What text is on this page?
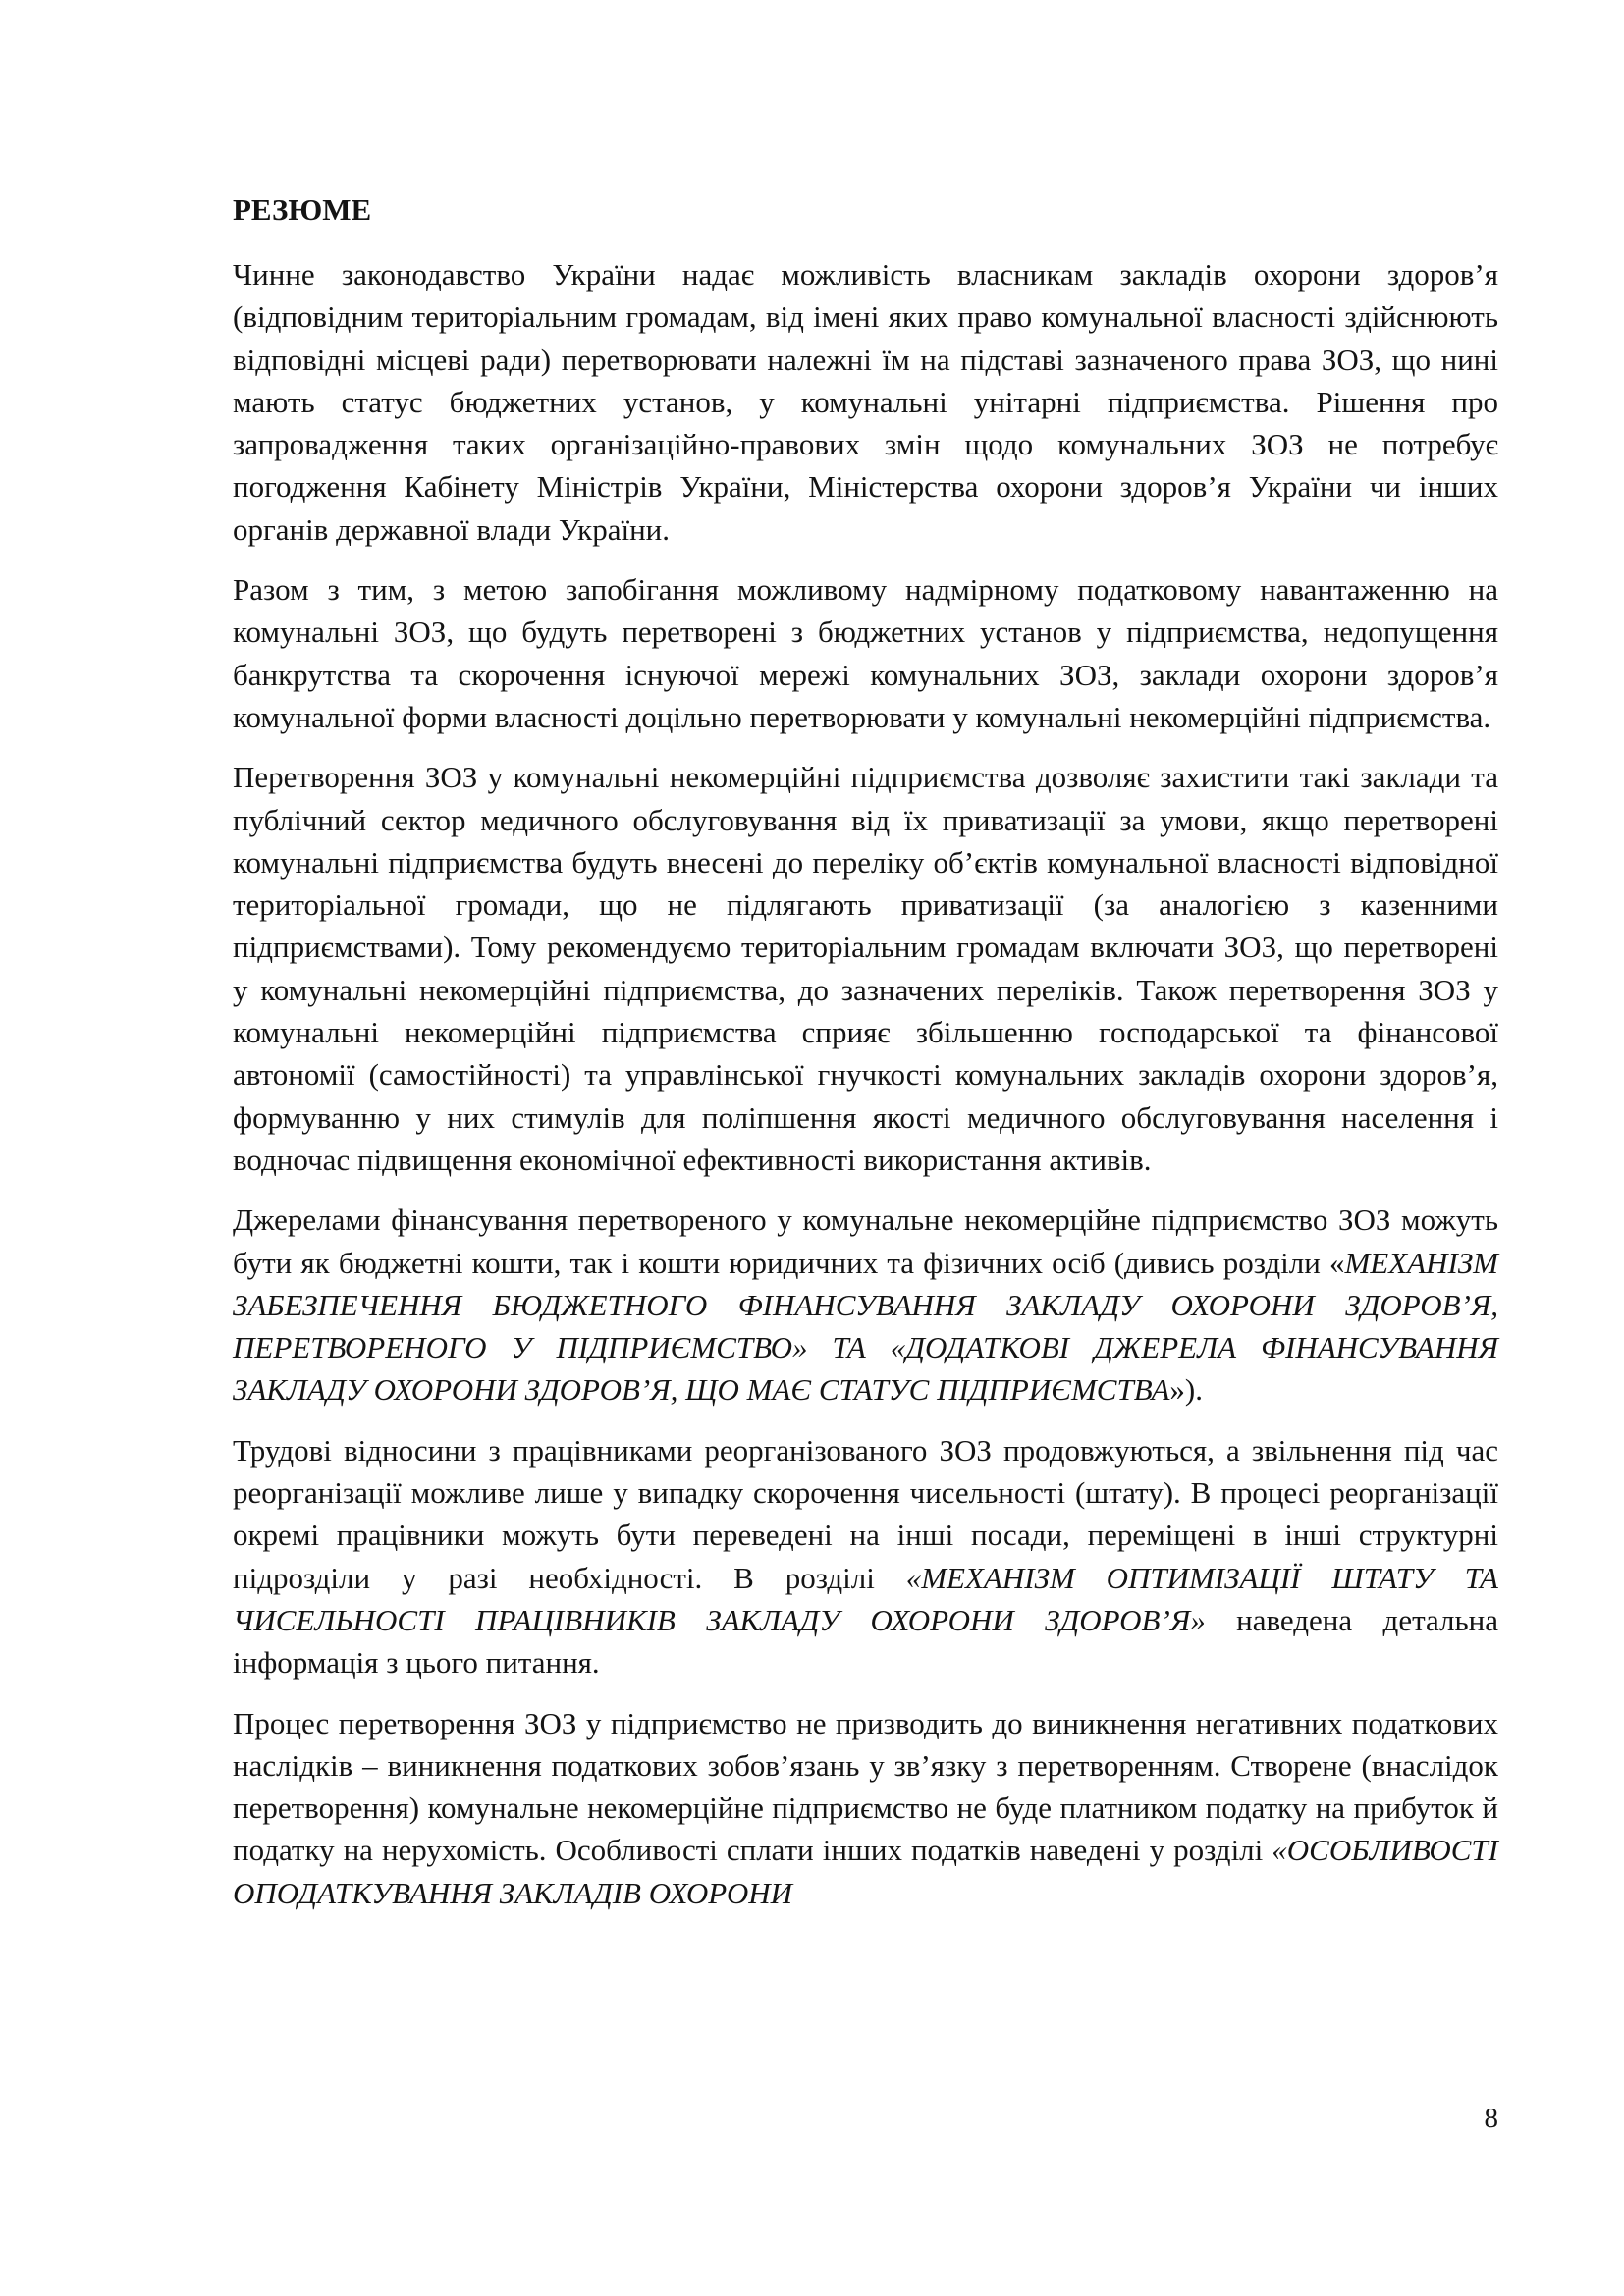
РЕЗЮМЕ

Чинне законодавство України надає можливість власникам закладів охорони здоров’я (відповідним територіальним громадам, від імені яких право комунальної власності здійснюють відповідні місцеві ради) перетворювати належні їм на підставі зазначеного права ЗОЗ, що нині мають статус бюджетних установ, у комунальні унітарні підприємства. Рішення про запровадження таких організаційно-правових змін щодо комунальних ЗОЗ не потребує погодження Кабінету Міністрів України, Міністерства охорони здоров’я України чи інших органів державної влади України.

Разом з тим, з метою запобігання можливому надмірному податковому навантаженню на комунальні ЗОЗ, що будуть перетворені з бюджетних установ у підприємства, недопущення банкрутства та скорочення існуючої мережі комунальних ЗОЗ, заклади охорони здоров’я комунальної форми власності доцільно перетворювати у комунальні некомерційні підприємства.

Перетворення ЗОЗ у комунальні некомерційні підприємства дозволяє захистити такі заклади та публічний сектор медичного обслуговування від їх приватизації за умови, якщо перетворені комунальні підприємства будуть внесені до переліку об’єктів комунальної власності відповідної територіальної громади, що не підлягають приватизації (за аналогією з казенними підприємствами). Тому рекомендуємо територіальним громадам включати ЗОЗ, що перетворені у комунальні некомерційні підприємства, до зазначених переліків. Також перетворення ЗОЗ у комунальні некомерційні підприємства сприяє збільшенню господарської та фінансової автономії (самостійності) та управлінської гнучкості комунальних закладів охорони здоров’я, формуванню у них стимулів для поліпшення якості медичного обслуговування населення і водночас підвищення економічної ефективності використання активів.

Джерелами фінансування перетвореного у комунальне некомерційне підприємство ЗОЗ можуть бути як бюджетні кошти, так і кошти юридичних та фізичних осіб (дивись розділи «МЕХАНІЗМ ЗАБЕЗПЕЧЕННЯ БЮДЖЕТНОГО ФІНАНСУВАННЯ ЗАКЛАДУ ОХОРОНИ ЗДОРОВ’Я, ПЕРЕТВОРЕНОГО У ПІДПРИЄМСТВО» ТА «ДОДАТКОВІ ДЖЕРЕЛА ФІНАНСУВАННЯ ЗАКЛАДУ ОХОРОНИ ЗДОРОВ’Я, ЩО МАЄ СТАТУС ПІДПРИЄМСТВА»).

Трудові відносини з працівниками реорганізованого ЗОЗ продовжуються, а звільнення під час реорганізації можливе лише у випадку скорочення чисельності (штату). В процесі реорганізації окремі працівники можуть бути переведені на інші посади, переміщені в інші структурні підрозділи у разі необхідності. В розділі «МЕХАНІЗМ ОПТИМІЗАЦІЇ ШТАТУ ТА ЧИСЕЛЬНОСТІ ПРАЦІВНИКІВ ЗАКЛАДУ ОХОРОНИ ЗДОРОВ’Я» наведена детальна інформація з цього питання.

Процес перетворення ЗОЗ у підприємство не призводить до виникнення негативних податкових наслідків – виникнення податкових зобов’язань у зв’язку з перетворенням. Створене (внаслідок перетворення) комунальне некомерційне підприємство не буде платником податку на прибуток й податку на нерухомість. Особливості сплати інших податків наведені у розділі «ОСОБЛИВОСТІ ОПОДАТКУВАННЯ ЗАКЛАДІВ ОХОРОНИ

8
